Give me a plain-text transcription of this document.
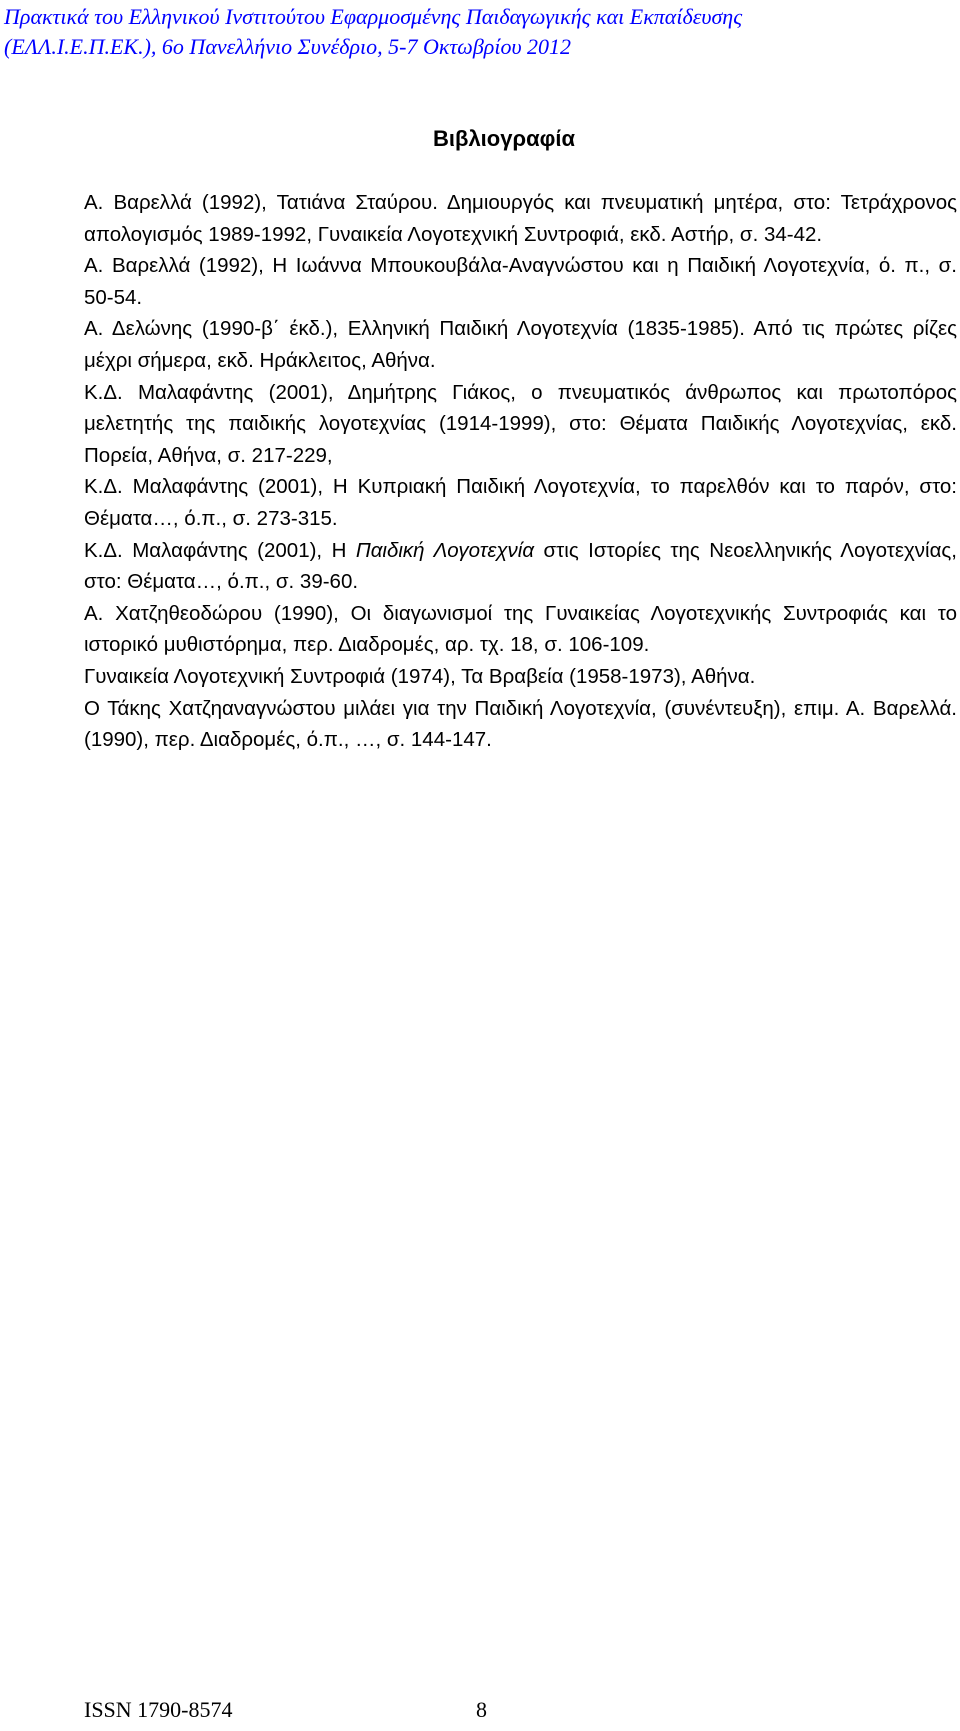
Πρακτικά του Ελληνικού Ινστιτούτου Εφαρμοσμένης Παιδαγωγικής και Εκπαίδευσης
(ΕΛΛ.Ι.Ε.Π.ΕΚ.), 6ο Πανελλήνιο Συνέδριο, 5-7 Οκτωβρίου 2012
Βιβλιογραφία

Α. Βαρελλά (1992), Τατιάνα Σταύρου. Δημιουργός και πνευματική μητέρα, στο: Τετράχρονος απολογισμός 1989-1992, Γυναικεία Λογοτεχνική Συντροφιά, εκδ. Αστήρ, σ. 34-42.

Α. Βαρελλά (1992), Η Ιωάννα Μπουκουβάλα-Αναγνώστου και η Παιδική Λογοτεχνία, ό. π., σ. 50-54.

Α. Δελώνης (1990-β΄ έκδ.), Ελληνική Παιδική Λογοτεχνία (1835-1985). Από τις πρώτες ρίζες μέχρι σήμερα, εκδ. Ηράκλειτος, Αθήνα.

Κ.Δ. Μαλαφάντης (2001), Δημήτρης Γιάκος, ο πνευματικός άνθρωπος και πρωτοπόρος μελετητής της παιδικής λογοτεχνίας (1914-1999), στο: Θέματα Παιδικής Λογοτεχνίας, εκδ. Πορεία, Αθήνα, σ. 217-229,

Κ.Δ. Μαλαφάντης (2001), Η Κυπριακή Παιδική Λογοτεχνία, το παρελθόν και το παρόν, στο: Θέματα…, ό.π., σ. 273-315.

Κ.Δ. Μαλαφάντης (2001), Η Παιδική Λογοτεχνία στις Ιστορίες της Νεοελληνικής Λογοτεχνίας, στο: Θέματα…, ό.π., σ. 39-60.

Α. Χατζηθεοδώρου (1990), Οι διαγωνισμοί της Γυναικείας Λογοτεχνικής Συντροφιάς και το ιστορικό μυθιστόρημα, περ. Διαδρομές, αρ. τχ. 18, σ. 106-109.

Γυναικεία Λογοτεχνική Συντροφιά (1974), Τα Βραβεία (1958-1973), Αθήνα.

Ο Τάκης Χατζηαναγνώστου μιλάει για την Παιδική Λογοτεχνία, (συνέντευξη), επιμ. Α. Βαρελλά. (1990), περ. Διαδρομές, ό.π., …, σ. 144-147.

ISSN 1790-8574	8
